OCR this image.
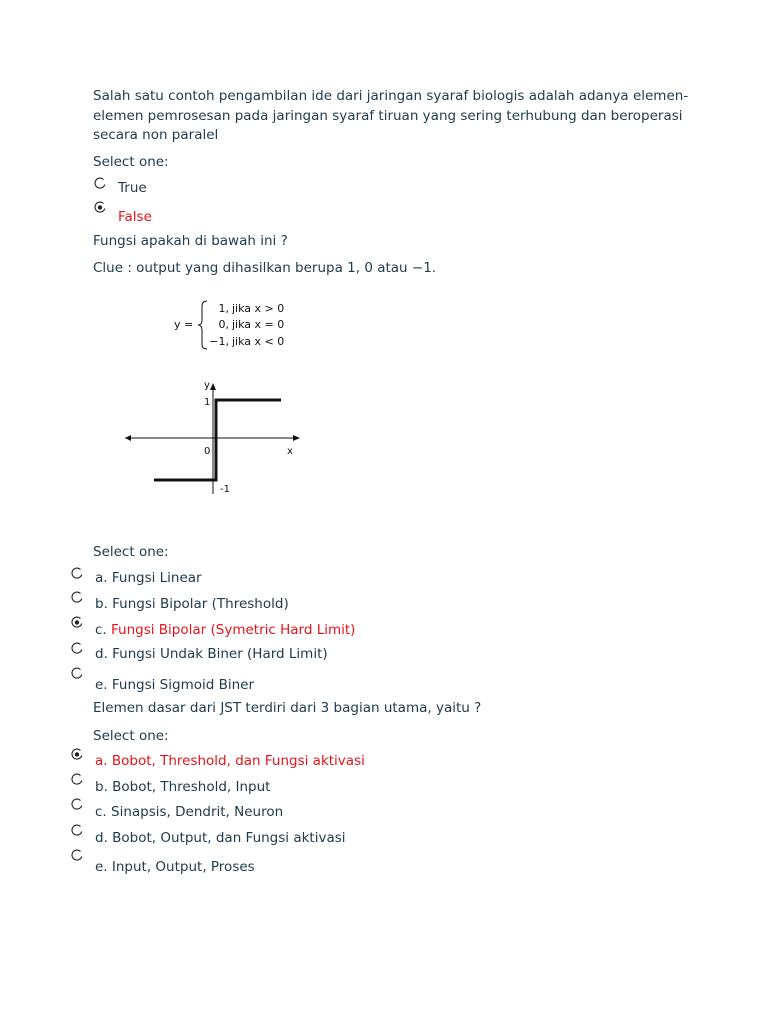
Salah satu contoh pengambilan ide dari jaringan syaraf biologis adalah adanya elemen-
elemen pemrosesan pada jaringan syaraf tiruan yang sering terhubung dan beroperasi
secara non paralel
Select one:
True
False
Fungsi apakah di bawah ini ?
Clue : output yang dihasilkan berupa 1, 0 atau −1.
y =
1, jika x > 0
0, jika x = 0
−1, jika x < 0
y
1
0	x
-1
Select one:
a. Fungsi Linear
b. Fungsi Bipolar (Threshold)
c. Fungsi Bipolar (Symetric Hard Limit)
d. Fungsi Undak Biner (Hard Limit)
e. Fungsi Sigmoid Biner
Elemen dasar dari JST terdiri dari 3 bagian utama, yaitu ?
Select one:
a. Bobot, Threshold, dan Fungsi aktivasi
b. Bobot, Threshold, Input
c. Sinapsis, Dendrit, Neuron
d. Bobot, Output, dan Fungsi aktivasi
e. Input, Output, Proses
